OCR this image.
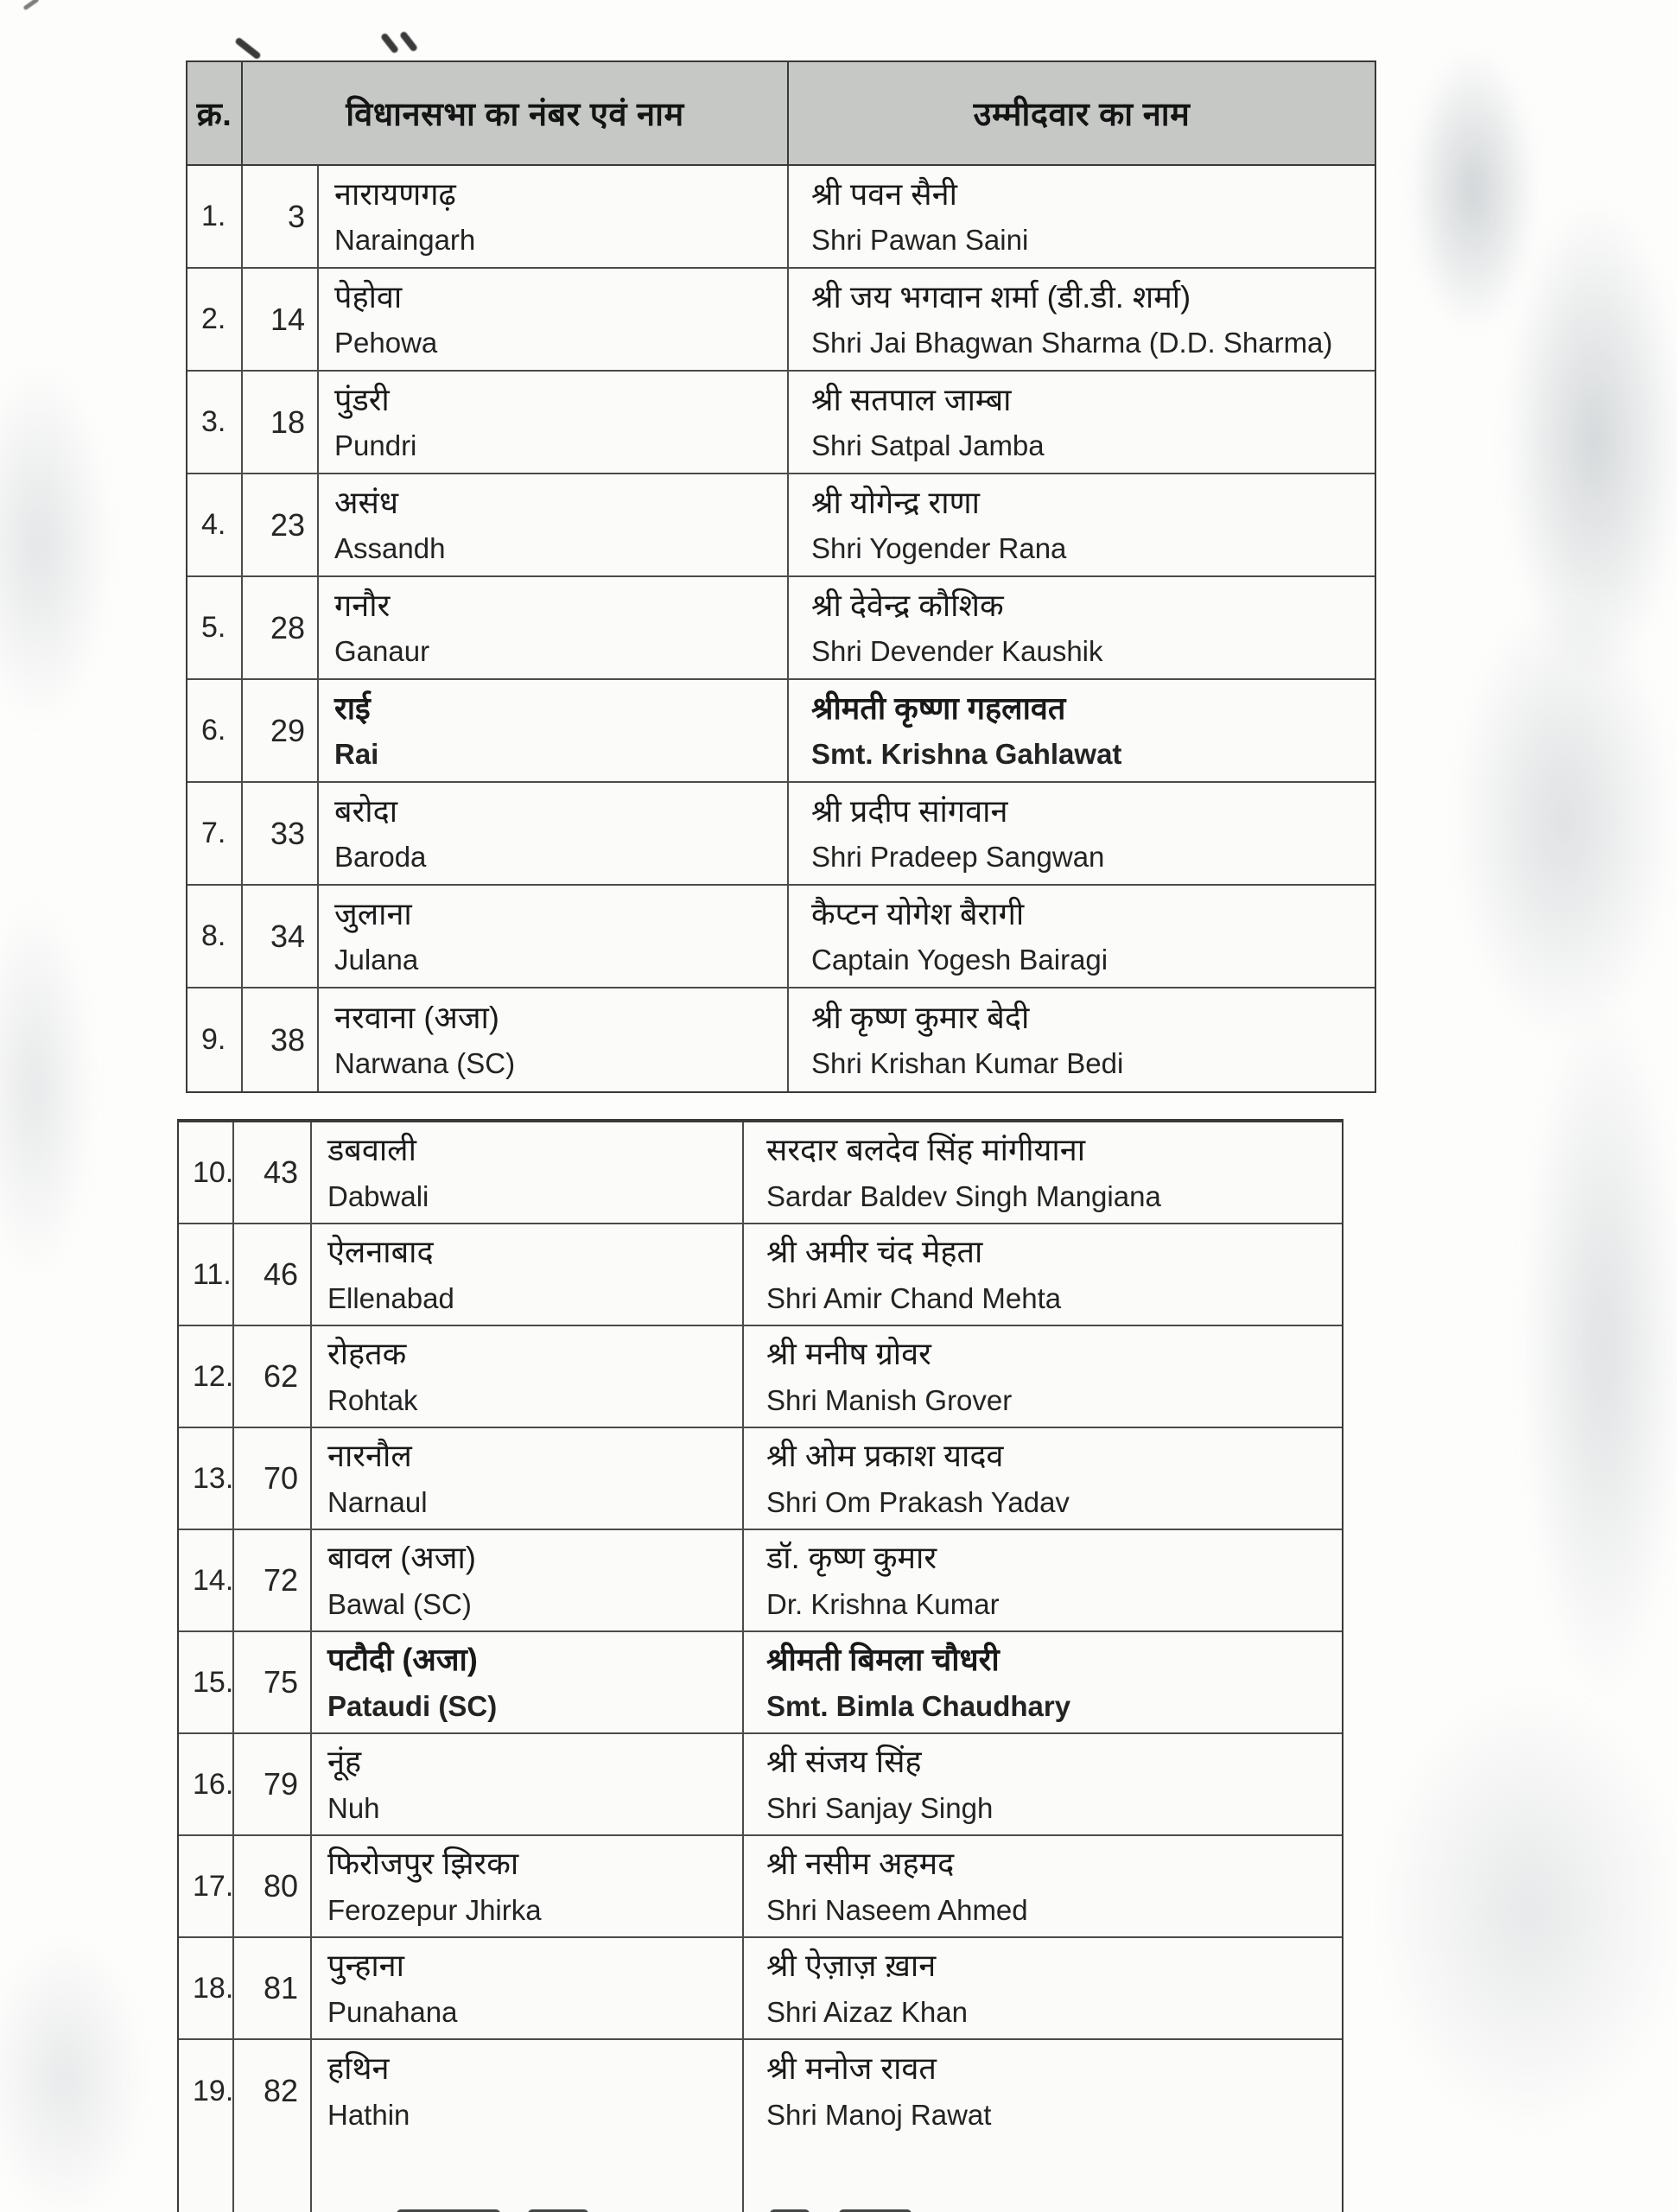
क्र.	विधानसभा का नंबर एवं नाम	उम्मीदवार का नाम
1.	3
नारायणगढ़
Naraingarh
श्री पवन सैनी
Shri Pawan Saini
2.	14
पेहोवा
Pehowa
श्री जय भगवान शर्मा (डी.डी. शर्मा)
Shri Jai Bhagwan Sharma (D.D. Sharma)
3.	18
पुंडरी
Pundri
श्री सतपाल जाम्बा
Shri Satpal Jamba
4.	23
असंध
Assandh
श्री योगेन्द्र राणा
Shri Yogender Rana
5.	28
गनौर
Ganaur
श्री देवेन्द्र कौशिक
Shri Devender Kaushik
6.	29
राई
Rai
श्रीमती कृष्णा गहलावत
Smt. Krishna Gahlawat
7.	33
बरोदा
Baroda
श्री प्रदीप सांगवान
Shri Pradeep Sangwan
8.	34
जुलाना
Julana
कैप्टन योगेश बैरागी
Captain Yogesh Bairagi
9.	38
नरवाना (अजा)
Narwana (SC)
श्री कृष्ण कुमार बेदी
Shri Krishan Kumar Bedi
10. 43
डबवाली
Dabwali
सरदार बलदेव सिंह मांगीयाना
Sardar Baldev Singh Mangiana
11.	46
ऐलनाबाद
Ellenabad
श्री अमीर चंद मेहता
Shri Amir Chand Mehta
12. 62
रोहतक
Rohtak
श्री मनीष ग्रोवर
Shri Manish Grover
13. 70
नारनौल
Narnaul
श्री ओम प्रकाश यादव
Shri Om Prakash Yadav
14. 72
बावल (अजा)
Bawal (SC)
डॉ. कृष्ण कुमार
Dr. Krishna Kumar
15. 75
पटौदी (अजा)
Pataudi (SC)
श्रीमती बिमला चौधरी
Smt. Bimla Chaudhary
16. 79
नूंह
Nuh
श्री संजय सिंह
Shri Sanjay Singh
17. 80
फिरोजपुर झिरका
Ferozepur Jhirka
श्री नसीम अहमद
Shri Naseem Ahmed
18. 81
पुन्हाना
Punahana
श्री ऐज़ाज़ ख़ान
Shri Aizaz Khan
19. 82
हथिन
Hathin
श्री मनोज रावत
Shri Manoj Rawat
